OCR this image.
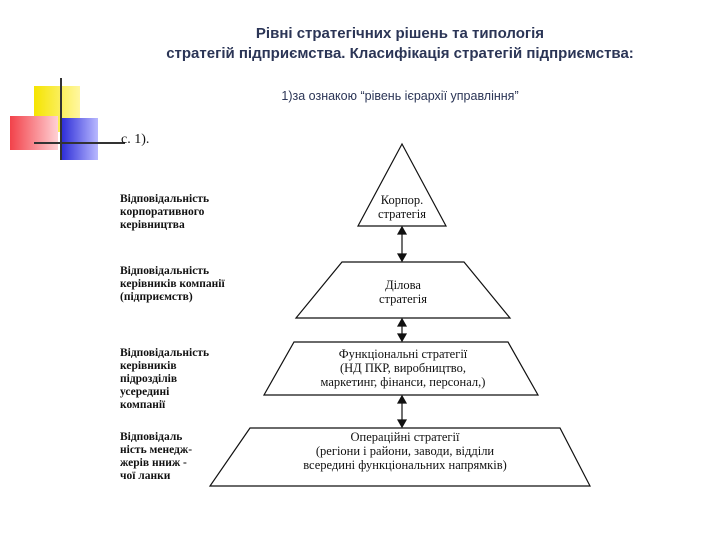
Рівні стратегічних рішень та типологія
стратегій підприємства. Класифікація стратегій підприємства:
1)за ознакою “рівень ієрархії управління”
с. 1).
Корпор.
стратегія
Ділова
стратегія
Функціональні стратегії
(НД ПКР, виробництво,
маркетинг, фінанси, персонал,)
Операційні стратегії
(регіони і райони, заводи, відділи
всередині функціональних напрямків)
Відповідальність
корпоративного
керівництва
Відповідальність
керівників компанії
(підприємств)
Відповідальність
керівників
підрозділів
усередині
компанії
Відповідаль
ність менедж-
жерів нниж -
чої ланки
